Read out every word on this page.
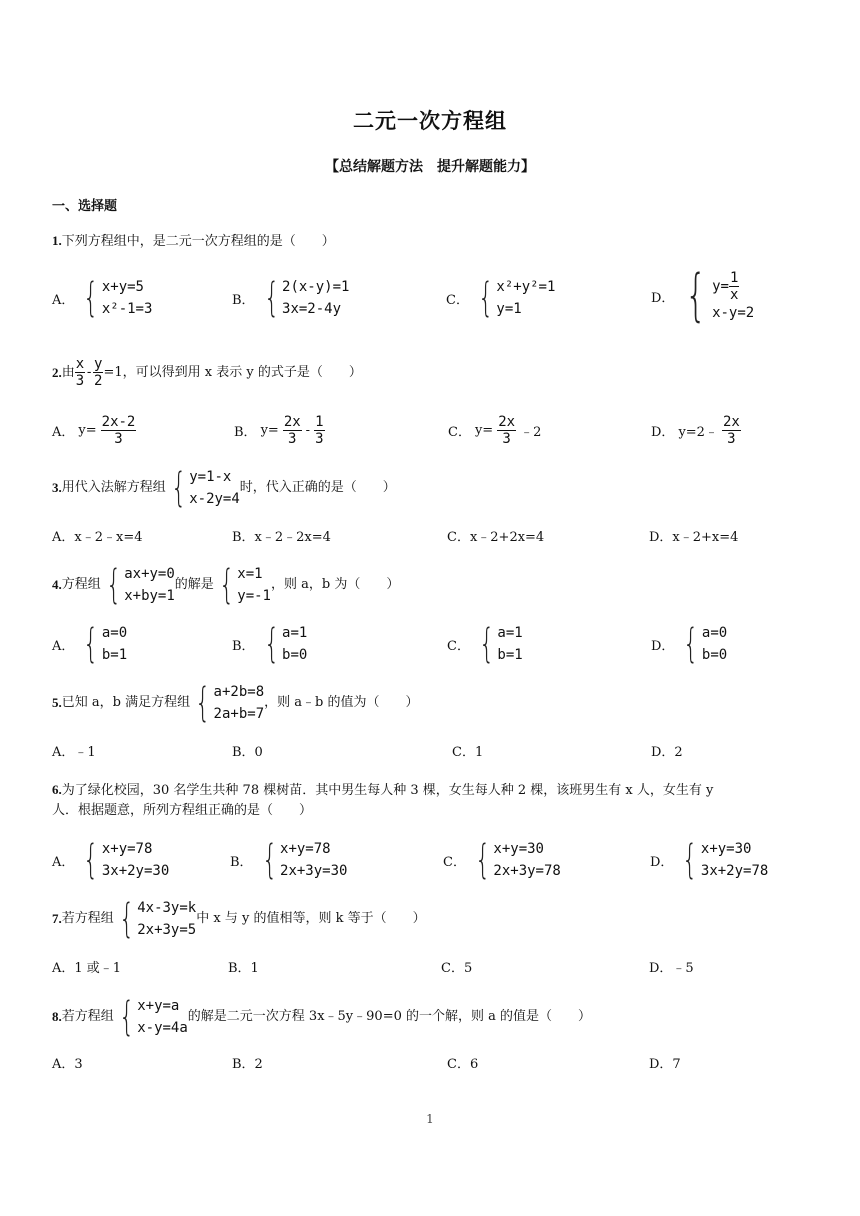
二元一次方程组
【总结解题方法　提升解题能力】
一、选择题
1.下列方程组中，是二元一次方程组的是（　　）
A． { x+y=5
x²-1=3
B． { 2(x-y)=1
3x=2-4y
C． { x²+y²=1
y=1
D． { $y= \frac{1}{x}$
x-y=2
2. 由 $\frac{x}{3} - \frac{y}{2} =1$，可以得到用 x 表示 y 的式子是（　　）
A． $y= \frac{2x-2}{3}$	B． $y= \frac{2x}{3} - \frac{1}{3}$	C． $y= \frac{2x}{3}$ ﹣2	D． y=2﹣ $\frac{2x}{3}$
3. 用代入法解方程组 { y=1-x
x-2y=4
时，代入正确的是（　　）
A．x﹣2﹣x=4	B．x﹣2﹣2x=4	C．x﹣2+2x=4	D．x﹣2+x=4
4. 方程组 { ax+y=0
x+by=1
的解是 { x=1
y=-1
，则 a，b 为（　　）
A． { a=0
b=1
B． { a=1
b=0
C． { a=1
b=1
D． { a=0
b=0
5. 已知 a，b 满足方程组 { a+2b=8
2a+b=7
，则 a﹣b 的值为（　　）
A．﹣1	B．0	C．1	D．2
6.为了绿化校园，30 名学生共种 78 棵树苗．其中男生每人种 3 棵，女生每人种 2 棵，该班男生有 x 人，女生有 y
人．根据题意，所列方程组正确的是（　　）
A． { x+y=78
3x+2y=30
B． { x+y=78
2x+3y=30
C． { x+y=30
2x+3y=78
D． { x+y=30
3x+2y=78
7. 若方程组 { 4x-3y=k
2x+3y=5
中 x 与 y 的值相等，则 k 等于（　　）
A．1 或﹣1	B．1	C．5	D．﹣5
8. 若方程组 { x+y=a
x-y=4a
的解是二元一次方程 3x﹣5y﹣90=0 的一个解，则 a 的值是（　　）
A．3	B．2	C．6	D．7
1
